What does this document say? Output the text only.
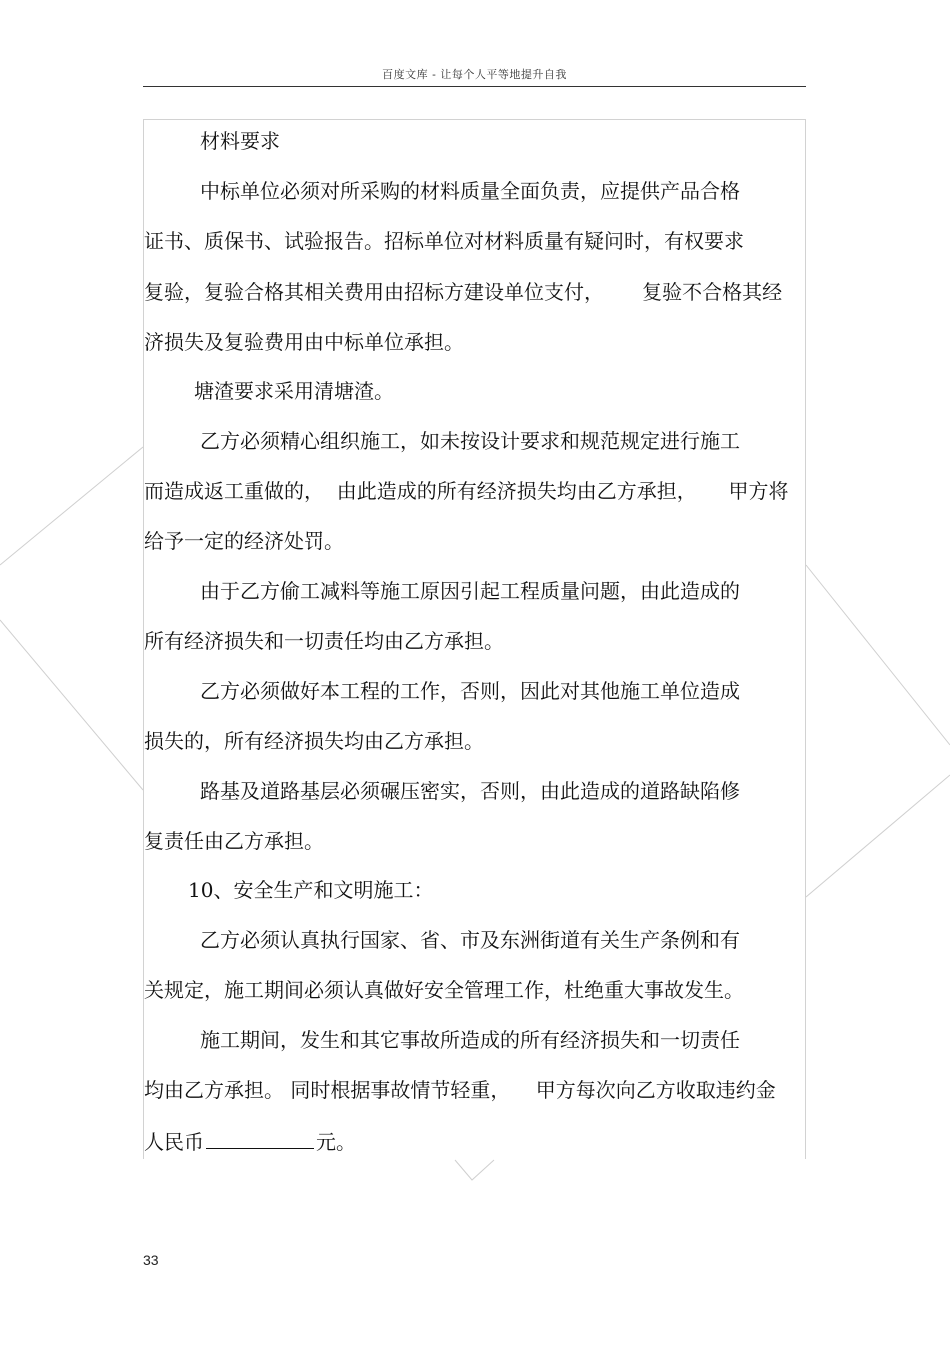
百度文库 - 让每个人平等地提升自我
材料要求
中标单位必须对所采购的材料质量全面负责，应提供产品合格
证书、质保书、试验报告。招标单位对材料质量有疑问时，有权要求
复验，复验合格其相关费用由招标方建设单位支付，      复验不合格其经
济损失及复验费用由中标单位承担。
塘渣要求采用清塘渣。
乙方必须精心组织施工，如未按设计要求和规范规定进行施工
而造成返工重做的，  由此造成的所有经济损失均由乙方承担，     甲方将
给予一定的经济处罚。
由于乙方偷工减料等施工原因引起工程质量问题，由此造成的
所有经济损失和一切责任均由乙方承担。
乙方必须做好本工程的工作，否则，因此对其他施工单位造成
损失的，所有经济损失均由乙方承担。
路基及道路基层必须碾压密实，否则，由此造成的道路缺陷修
复责任由乙方承担。
10、安全生产和文明施工：
乙方必须认真执行国家、省、市及东洲街道有关生产条例和有
关规定，施工期间必须认真做好安全管理工作，杜绝重大事故发生。
施工期间，发生和其它事故所造成的所有经济损失和一切责任
均由乙方承担。 同时根据事故情节轻重，    甲方每次向乙方收取违约金
人民币	元。
33
